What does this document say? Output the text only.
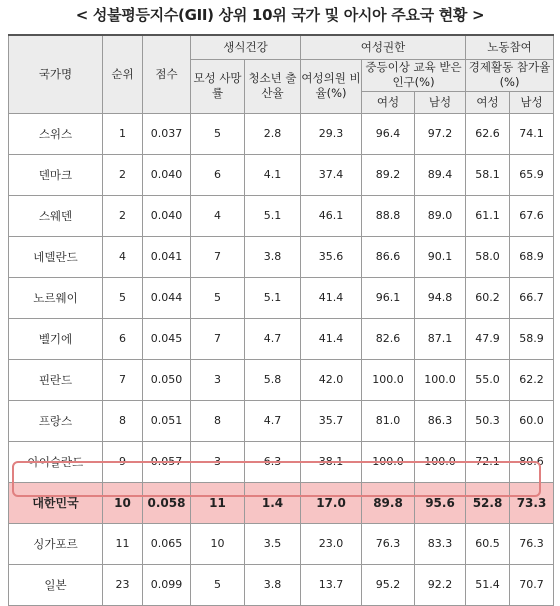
< 성불평등지수(GII) 상위 10위 국가 및 아시아 주요국 현황 >
국가명	순위	점수	생식건강		여성권한			노동참여	
			모성 사망률	청소년 출산율	여성의원 비율(%)	중등이상 교육 받은 인구(%)		경제활동 참가율(%)	
						여성	남성	여성	남성
스위스	1	0.037	5	2.8	29.3	96.4	97.2	62.6	74.1
덴마크	2	0.040	6	4.1	37.4	89.2	89.4	58.1	65.9
스웨덴	2	0.040	4	5.1	46.1	88.8	89.0	61.1	67.6
네델란드	4	0.041	7	3.8	35.6	86.6	90.1	58.0	68.9
노르웨이	5	0.044	5	5.1	41.4	96.1	94.8	60.2	66.7
벨기에	6	0.045	7	4.7	41.4	82.6	87.1	47.9	58.9
핀란드	7	0.050	3	5.8	42.0	100.0	100.0	55.0	62.2
프랑스	8	0.051	8	4.7	35.7	81.0	86.3	50.3	60.0
아이슬란드	9	0.057	3	6.3	38.1	100.0	100.0	72.1	80.6
대한민국	10	0.058	11	1.4	17.0	89.8	95.6	52.8	73.3
싱가포르	11	0.065	10	3.5	23.0	76.3	83.3	60.5	76.3
일본	23	0.099	5	3.8	13.7	95.2	92.2	51.4	70.7
